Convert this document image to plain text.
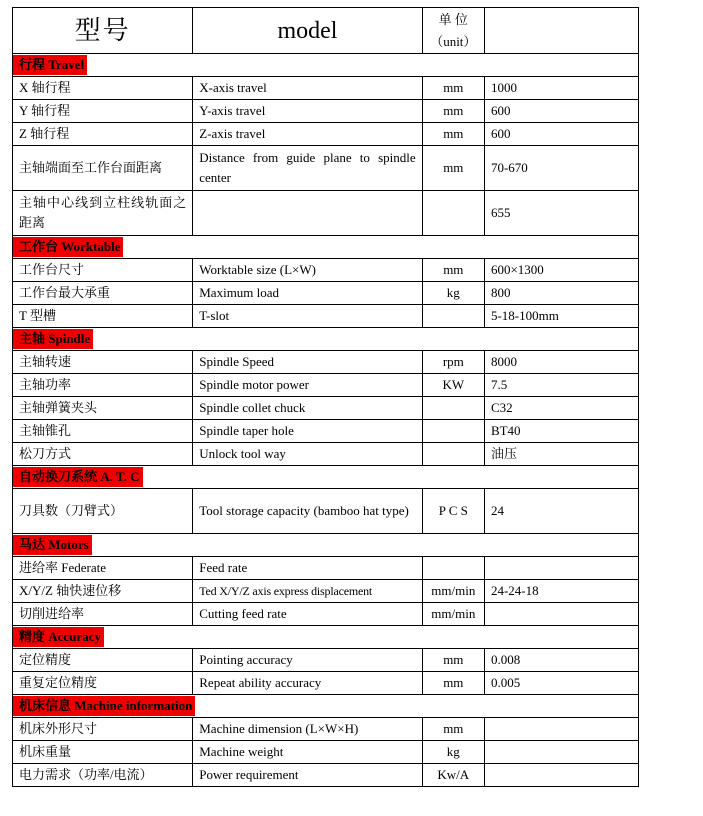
型号	model	单 位
（unit）	
行程 Travel			
X 轴行程	X-axis travel	mm	1000
Y 轴行程	Y-axis travel	mm	600
Z 轴行程	Z-axis travel	mm	600
主轴端面至工作台面距离	Distance from guide plane to spindle center	mm	70-670
主轴中心线到立柱线轨面之距离			655
工作台 Worktable			
工作台尺寸	Worktable size (L×W)	mm	600×1300
工作台最大承重	Maximum load	kg	800
T 型槽	T-slot		5-18-100mm
主轴 Spindle			
主轴转速	Spindle Speed	rpm	8000
主轴功率	Spindle motor power	KW	7.5
主轴弹簧夹头	Spindle collet chuck		C32
主轴锥孔	Spindle taper hole		BT40
松刀方式	Unlock tool way		油压
自动换刀系统 A. T. C			
刀具数（刀臂式）	Tool storage capacity (bamboo hat type)	P C S	24
马达 Motors			
进给率 Federate	Feed rate		
X/Y/Z 轴快速位移	Ted X/Y/Z axis express displacement	mm/min	24-24-18
切削进给率	Cutting feed rate	mm/min	
精度 Accuracy			
定位精度	Pointing accuracy	mm	0.008
重复定位精度	Repeat ability accuracy	mm	0.005
机床信息 Machine information			
机床外形尺寸	Machine dimension (L×W×H)	mm	
机床重量	Machine weight	kg	
电力需求（功率/电流）	Power requirement	Kw/A	
